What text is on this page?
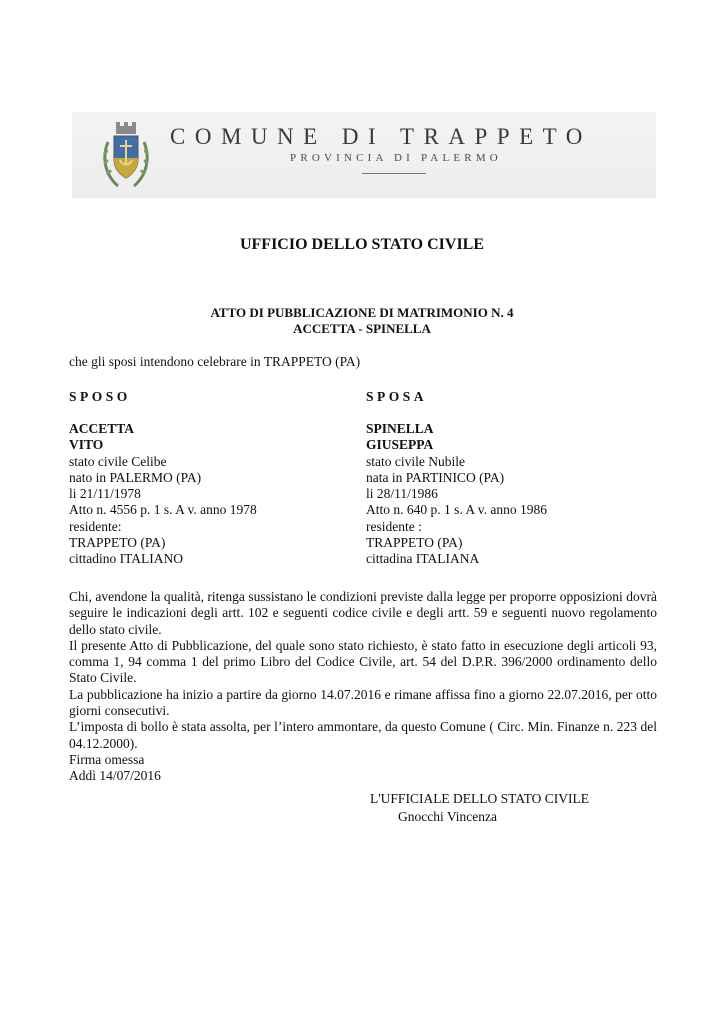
COMUNE DI TRAPPETO
PROVINCIA DI PALERMO
UFFICIO DELLO STATO CIVILE
ATTO DI PUBBLICAZIONE DI MATRIMONIO N. 4
ACCETTA - SPINELLA
che gli sposi intendono celebrare in TRAPPETO (PA)
SPOSO	SPOSA
ACCETTA
VITO
stato civile Celibe
nato in PALERMO (PA)
li 21/11/1978
Atto n. 4556 p. 1 s. A v. anno 1978
residente:
TRAPPETO (PA)
cittadino ITALIANO
SPINELLA
GIUSEPPA
stato civile Nubile
nata in PARTINICO (PA)
li 28/11/1986
Atto n. 640 p. 1 s. A v. anno 1986
residente :
TRAPPETO (PA)
cittadina ITALIANA
Chi, avendone la qualità, ritenga sussistano le condizioni previste dalla legge per proporre opposizioni dovrà seguire le indicazioni degli artt. 102 e seguenti codice civile e degli artt. 59 e seguenti nuovo regolamento dello stato civile.
Il presente Atto di Pubblicazione, del quale sono stato richiesto, è stato fatto in esecuzione degli articoli 93, comma 1, 94 comma 1 del primo Libro del Codice Civile, art. 54 del D.P.R. 396/2000 ordinamento dello Stato Civile.
La pubblicazione ha inizio a partire da giorno 14.07.2016 e rimane affissa fino a giorno 22.07.2016, per otto giorni consecutivi.
L’imposta di bollo è stata assolta, per l’intero ammontare, da questo Comune ( Circ. Min. Finanze n. 223 del 04.12.2000).
Firma omessa
Addì 14/07/2016
L'UFFICIALE DELLO STATO CIVILE
Gnocchi Vincenza
